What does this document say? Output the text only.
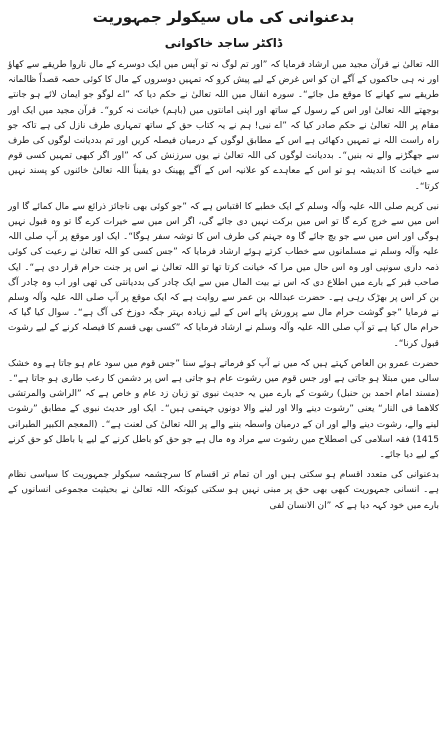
بدعنوانی کی ماں سیکولر جمہوریت
ڈاکٹر ساجد خاکوانی

اللہ تعالیٰ نے قرآن مجید میں ارشاد فرمایا کہ ”اور تم لوگ نہ تو آپس میں ایک دوسرے کے مال ناروا طریقے سے کھاؤ اور نہ ہی حاکموں کے آگے ان کو اس غرض کے لیے پیش کرو کہ تمہیں دوسروں کے مال کا کوئی حصہ قصداً ظالمانہ طریقے سے کھانے کا موقع مل جائے“۔ سورہ انفال میں اللہ تعالیٰ نے حکم دیا کہ ”اے لوگو جو ایمان لائے ہو جانتے بوجھتے اللہ تعالیٰ اور اس کے رسول کے ساتھ اور اپنی امانتوں میں (باہم) خیانت نہ کرو“۔ قرآن مجید میں ایک اور مقام پر اللہ تعالیٰ نے حکم صادر کیا کہ ”اے نبی! ہم نے یہ کتاب حق کے ساتھ تمہاری طرف نازل کی ہے تاکہ جو راہ راست اللہ نے تمہیں دکھائی ہے اس کے مطابق لوگوں کے درمیان فیصلہ کریں اور تم بددیانت لوگوں کی طرف سے جھگڑنے والے نہ بنیں“۔ بددیانت لوگوں کی اللہ تعالیٰ نے یوں سرزنش کی کہ ”اور اگر کبھی تمہیں کسی قوم سے خیانت کا اندیشہ ہو تو اس کے معاہدے کو علانیہ اس کے آگے پھینک دو یقیناً اللہ تعالیٰ خائنوں کو پسند نہیں کرتا“۔

نبی کریم صلی اللہ علیہ وآلہ وسلم کے ایک خطبے کا اقتباس ہے کہ ”جو کوئی بھی ناجائز ذرائع سے مال کمائے گا اور اس میں سے خرچ کرے گا تو اس میں برکت نہیں دی جائے گی، اگر اس میں سے خیرات کرے گا تو وہ قبول نہیں ہوگی اور اس میں سے جو بچ جائے گا وہ جہنم کی طرف اس کا توشہ سفر ہوگا“۔ ایک اور موقع پر آپ صلی اللہ علیہ وآلہ وسلم نے مسلمانوں سے خطاب کرتے ہوئے ارشاد فرمایا کہ ”جس کسی کو اللہ تعالیٰ نے رعیت کی کوئی ذمہ داری سونپی اور وہ اس حال میں مرا کہ خیانت کرتا تھا تو اللہ تعالیٰ نے اس پر جنت حرام قرار دی ہے“۔ ایک صاحب قبر کے بارے میں اطلاع دی کہ اس نے بیت المال میں سے ایک چادر کی بددیانتی کی تھی اور اب وہ چادر آگ بن کر اس پر بھڑک رہی ہے۔ حضرت عبداللہ بن عمر سے روایت ہے کہ ایک موقع پر آپ صلی اللہ علیہ وآلہ وسلم نے فرمایا ”جو گوشت حرام مال سے پرورش پائے اس کے لیے زیادہ بہتر جگہ دوزخ کی آگ ہے“۔ سوال کیا گیا کہ حرام مال کیا ہے تو آپ صلی اللہ علیہ وآلہ وسلم نے ارشاد فرمایا کہ ”کسی بھی قسم کا فیصلہ کرنے کے لیے رشوت قبول کرنا“۔

حضرت عمرو بن العاص کہتے ہیں کہ میں نے آپ کو فرماتے ہوئے سنا ”جس قوم میں سود عام ہو جاتا ہے وہ خشک سالی میں مبتلا ہو جاتی ہے اور جس قوم میں رشوت عام ہو جاتی ہے اس پر دشمن کا رعب طاری ہو جاتا ہے“۔ (مسند امام احمد بن حنبل) رشوت کے بارے میں یہ حدیث نبوی تو زبان زد عام و خاص ہے کہ ”الراشی والمرتشی کلاهما فی النار“ یعنی ”رشوت دینے والا اور لینے والا دونوں جہنمی ہیں“۔ ایک اور حدیث نبوی کے مطابق ”رشوت لینے والے، رشوت دینے والے اور ان کے درمیان واسطہ بننے والے پر اللہ تعالیٰ کی لعنت ہے“۔ (المعجم الکبیر الطبرانی 1415) فقہ اسلامی کی اصطلاح میں رشوت سے مراد وہ مال ہے جو حق کو باطل کرنے کے لیے یا باطل کو حق کرنے کے لیے دیا جائے۔

بدعنوانی کی متعدد اقسام ہو سکتی ہیں اور ان تمام تر اقسام کا سرچشمہ سیکولر جمہوریت کا سیاسی نظام ہے۔ انسانی جمہوریت کبھی بھی حق پر مبنی نہیں ہو سکتی کیونکہ اللہ تعالیٰ نے بحیثیت مجموعی انسانوں کے بارے میں خود کہہ دیا ہے کہ ”ان الانسان لفی
